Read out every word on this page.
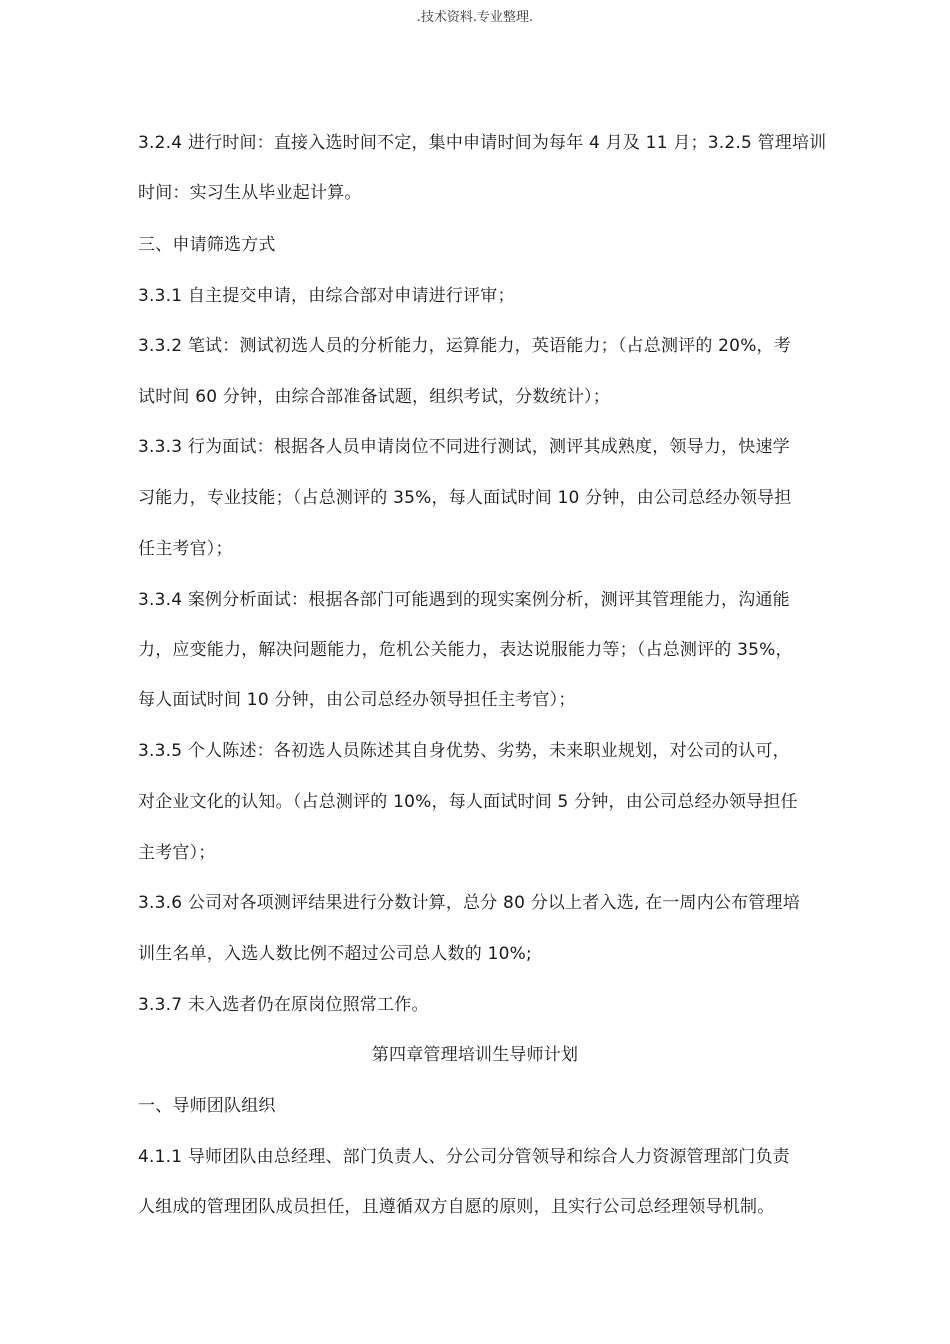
.技术资料.专业整理.
3.2.4 进行时间：直接入选时间不定，集中申请时间为每年 4 月及 11 月；3.2.5 管理培训
时间：实习生从毕业起计算。
三、申请筛选方式
3.3.1 自主提交申请，由综合部对申请进行评审；
3.3.2 笔试：测试初选人员的分析能力，运算能力，英语能力；（占总测评的 20%，考
试时间 60 分钟，由综合部准备试题，组织考试，分数统计）；
3.3.3 行为面试：根据各人员申请岗位不同进行测试，测评其成熟度，领导力，快速学
习能力，专业技能；（占总测评的 35%，每人面试时间 10 分钟，由公司总经办领导担
任主考官）；
3.3.4 案例分析面试：根据各部门可能遇到的现实案例分析，测评其管理能力，沟通能
力，应变能力，解决问题能力，危机公关能力，表达说服能力等；（占总测评的 35%，
每人面试时间 10 分钟，由公司总经办领导担任主考官）；
3.3.5 个人陈述：各初选人员陈述其自身优势、劣势，未来职业规划，对公司的认可，
对企业文化的认知。（占总测评的 10%，每人面试时间 5 分钟，由公司总经办领导担任
主考官）；
3.3.6 公司对各项测评结果进行分数计算，总分 80 分以上者入选, 在一周内公布管理培
训生名单，入选人数比例不超过公司总人数的 10%;
3.3.7 未入选者仍在原岗位照常工作。
第四章管理培训生导师计划
一、导师团队组织
4.1.1 导师团队由总经理、部门负责人、分公司分管领导和综合人力资源管理部门负责
人组成的管理团队成员担任，且遵循双方自愿的原则，且实行公司总经理领导机制。
